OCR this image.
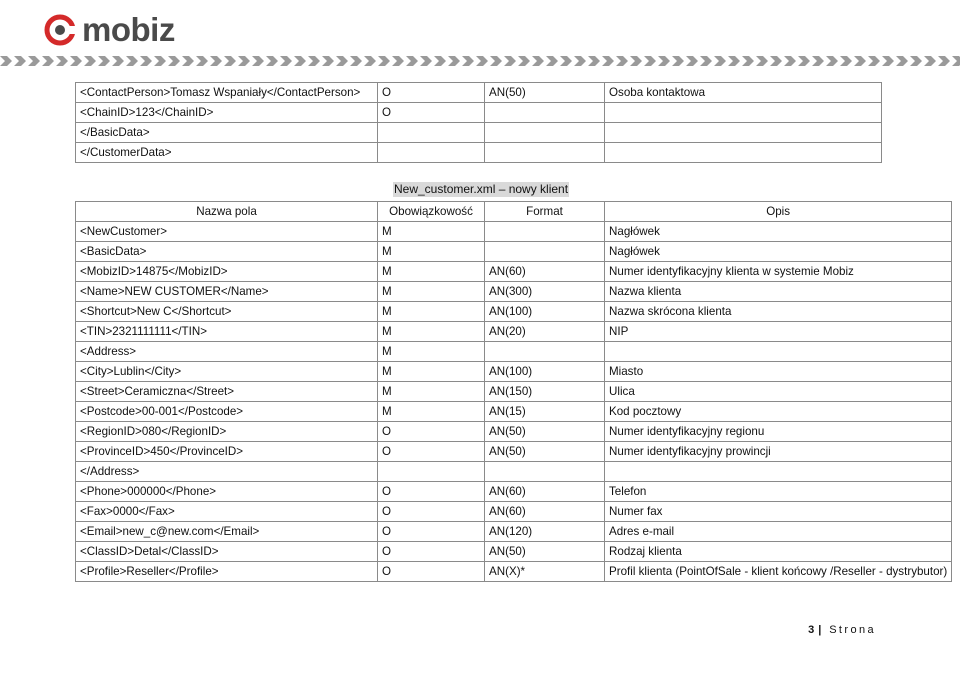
mobiz
<ContactPerson>Tomasz Wspaniały</ContactPerson>	O	AN(50)	Osoba kontaktowa
<ChainID>123</ChainID>	O		
</BasicData>			
</CustomerData>			
New_customer.xml – nowy klient
Nazwa pola	Obowiązkowość	Format	Opis
<NewCustomer>	M		Nagłówek
<BasicData>	M		Nagłówek
<MobizID>14875</MobizID>	M	AN(60)	Numer identyfikacyjny klienta w systemie Mobiz
<Name>NEW CUSTOMER</Name>	M	AN(300)	Nazwa klienta
<Shortcut>New C</Shortcut>	M	AN(100)	Nazwa skrócona klienta
<TIN>2321111111</TIN>	M	AN(20)	NIP
<Address>	M		
<City>Lublin</City>	M	AN(100)	Miasto
<Street>Ceramiczna</Street>	M	AN(150)	Ulica
<Postcode>00-001</Postcode>	M	AN(15)	Kod pocztowy
<RegionID>080</RegionID>	O	AN(50)	Numer identyfikacyjny regionu
<ProvinceID>450</ProvinceID>	O	AN(50)	Numer identyfikacyjny prowincji
</Address>			
<Phone>000000</Phone>	O	AN(60)	Telefon
<Fax>0000</Fax>	O	AN(60)	Numer fax
<Email>new_c@new.com</Email>	O	AN(120)	Adres e-mail
<ClassID>Detal</ClassID>	O	AN(50)	Rodzaj klienta
<Profile>Reseller</Profile>	O	AN(X)*	Profil klienta (PointOfSale - klient końcowy /Reseller - dystrybutor)
3 | Strona
